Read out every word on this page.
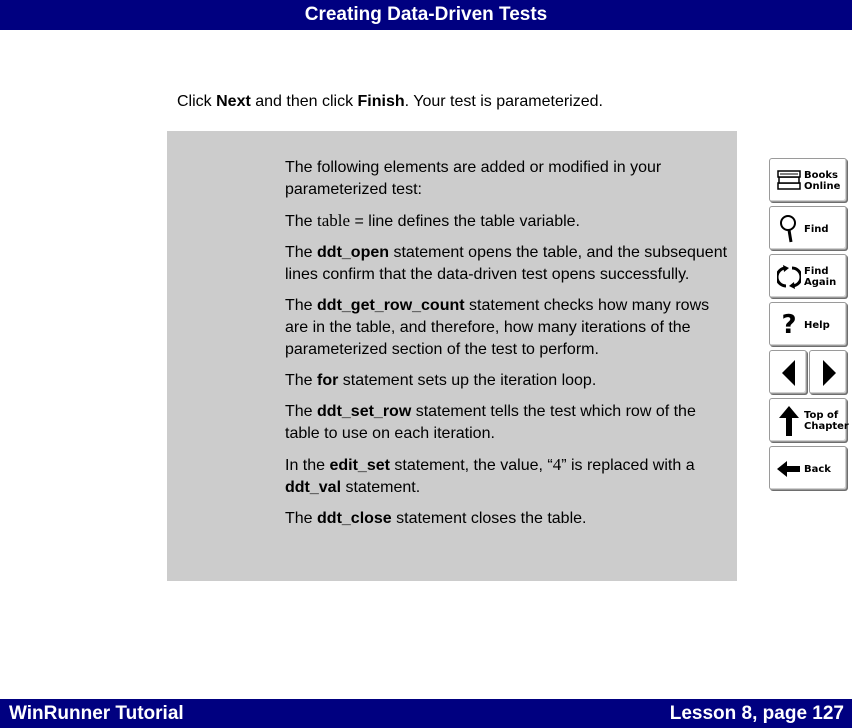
Creating Data-Driven Tests
Click Next and then click Finish. Your test is parameterized.

The following elements are added or modified in your parameterized test:

The table = line defines the table variable.

The ddt_open statement opens the table, and the subsequent lines confirm that the data-driven test opens successfully.

The ddt_get_row_count statement checks how many rows are in the table, and therefore, how many iterations of the parameterized section of the test to perform.

The for statement sets up the iteration loop.

The ddt_set_row statement tells the test which row of the table to use on each iteration.

In the edit_set statement, the value, “4” is replaced with a ddt_val statement.

The ddt_close statement closes the table.

Books
Online
Find
Find
Again
? Help
Top of
Chapter
Back
WinRunner Tutorial	Lesson 8, page 127
